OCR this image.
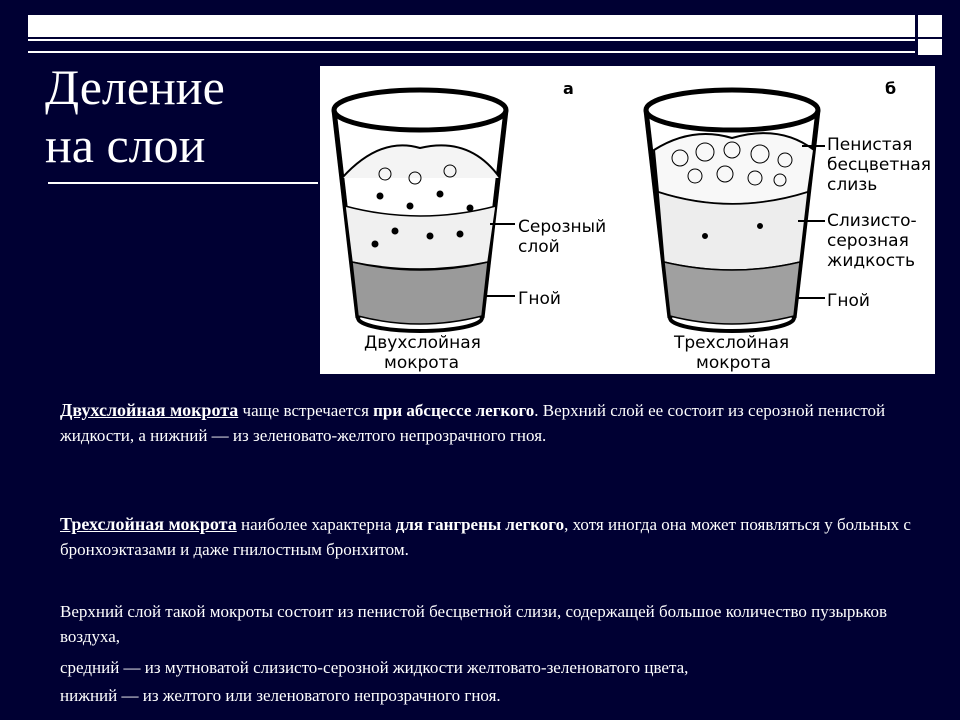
Деление
на слои
а
Серозный
слой
Гной
Двухслойная
мокрота
б
Пенистая
бесцветная
слизь
Слизисто-
серозная
жидкость
Гной
Трехслойная
мокрота
Двухслойная мокрота чаще встречается при абсцессе легкого. Верхний слой ее состоит из серозной пенистой жидкости, а нижний — из зеленовато-желтого непрозрачного гноя.
Трехслойная мокрота наиболее характерна для гангрены легкого, хотя иногда она может появляться у больных с бронхоэктазами и даже гнилостным бронхитом.
Верхний слой такой мокроты состоит из пенистой бесцветной слизи, содержащей большое количество пузырьков воздуха,
средний — из мутноватой слизисто-серозной жидкости желтовато-зеленоватого цвета,
нижний — из желтого или зеленоватого непрозрачного гноя.
